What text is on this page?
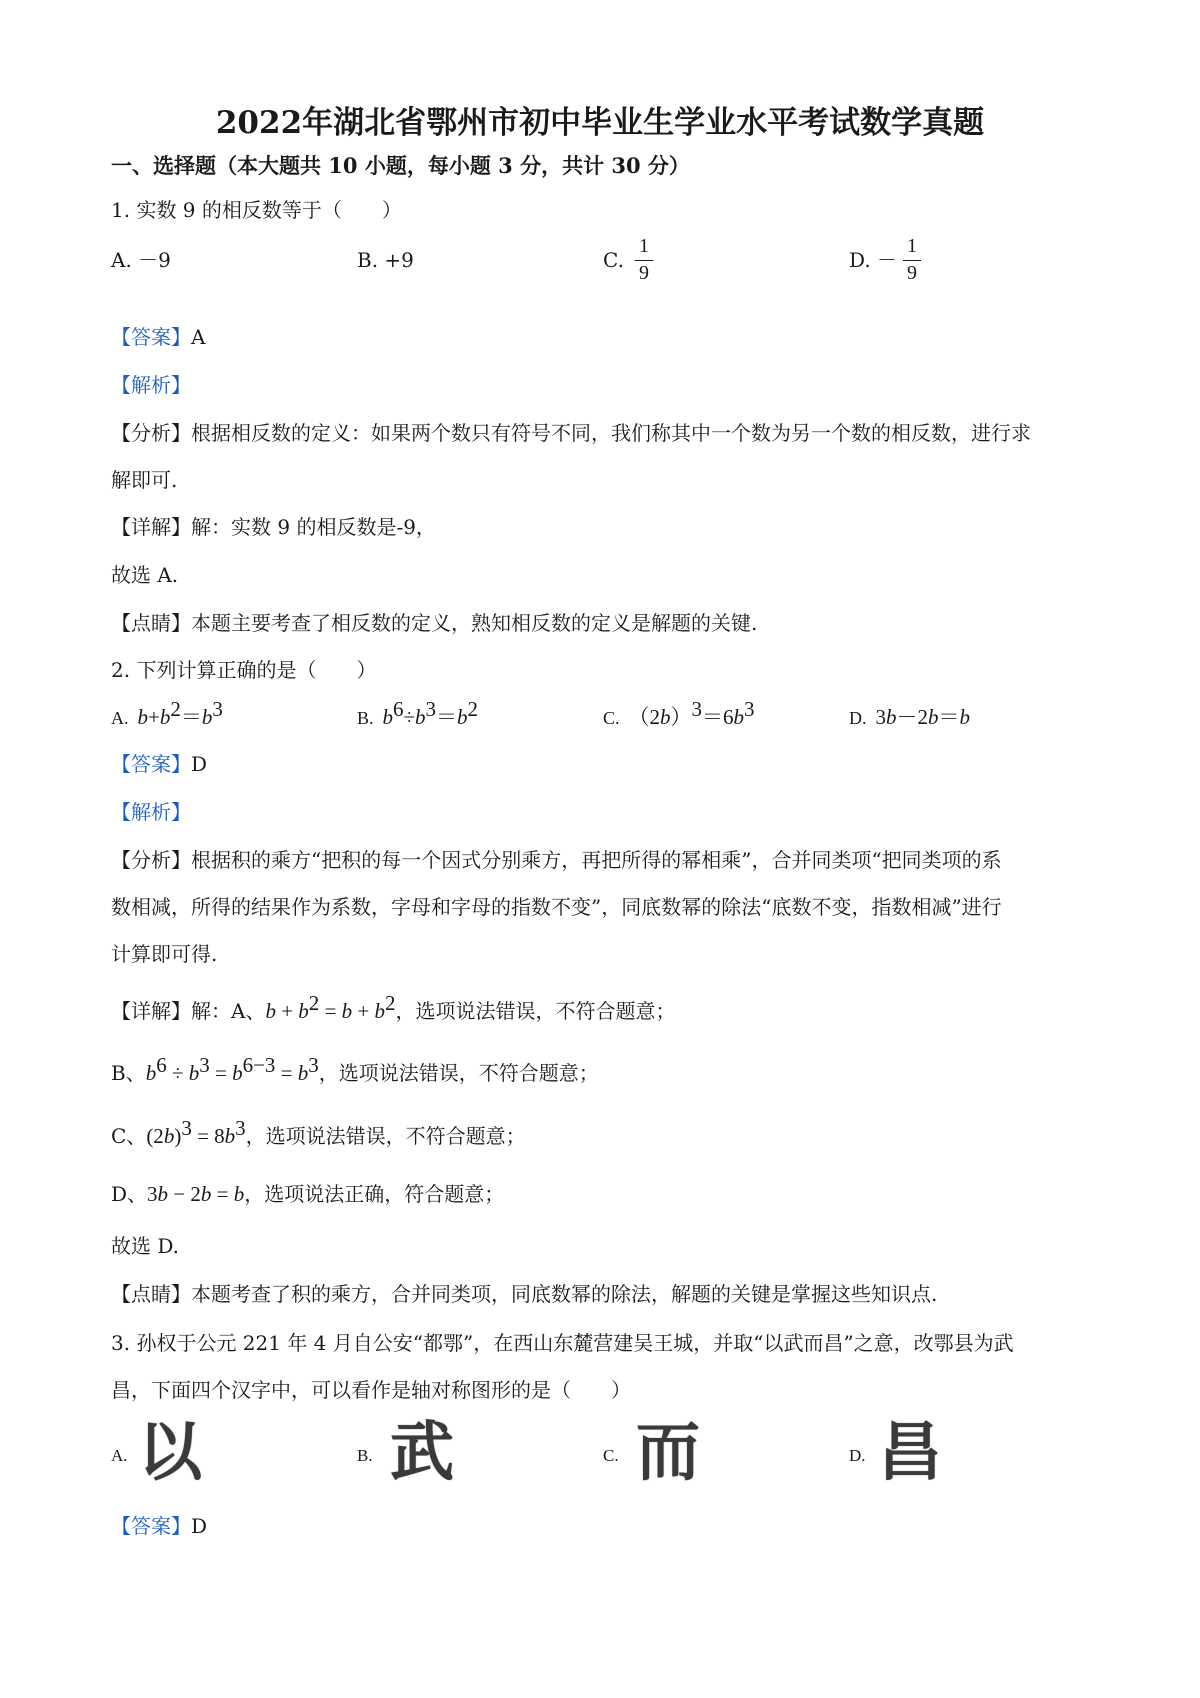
2022年湖北省鄂州市初中毕业生学业水平考试数学真题
一、选择题（本大题共 10 小题，每小题 3 分，共计 30 分）
1. 实数 9 的相反数等于（　　）
A. －9	B. +9	C.
1
9
D. －
1
9
【答案】A
【解析】
【分析】根据相反数的定义：如果两个数只有符号不同，我们称其中一个数为另一个数的相反数，进行求
解即可.
【详解】解：实数 9 的相反数是-9，
故选 A.
【点睛】本题主要考查了相反数的定义，熟知相反数的定义是解题的关键.
2. 下列计算正确的是（　　）
A.  $b+b^2=b^3$	B.  $b^6\div b^3=b^2$	C.  $(2b)^3=6b^3$	D.  3b－2b＝b
【答案】D
【解析】
【分析】根据积的乘方“把积的每一个因式分别乘方，再把所得的幂相乘”，合并同类项“把同类项的系
数相减，所得的结果作为系数，字母和字母的指数不变”，同底数幂的除法“底数不变，指数相减”进行
计算即可得.
【详解】解：A、$b + b^2 = b + b^2$，选项说法错误，不符合题意；
B、$b^6 \div b^3 = b^{6-3} = b^3$，选项说法错误，不符合题意；
C、$(2b)^3 = 8b^3$，选项说法错误，不符合题意；
D、3b − 2b = b，选项说法正确，符合题意；
故选 D.
【点睛】本题考查了积的乘方，合并同类项，同底数幂的除法，解题的关键是掌握这些知识点.
3. 孙权于公元 221 年 4 月自公安“都鄂”，在西山东麓营建吴王城，并取“以武而昌”之意，改鄂县为武
昌，下面四个汉字中，可以看作是轴对称图形的是（　　）
A. 以	B. 武	C. 而	D. 昌
【答案】D
